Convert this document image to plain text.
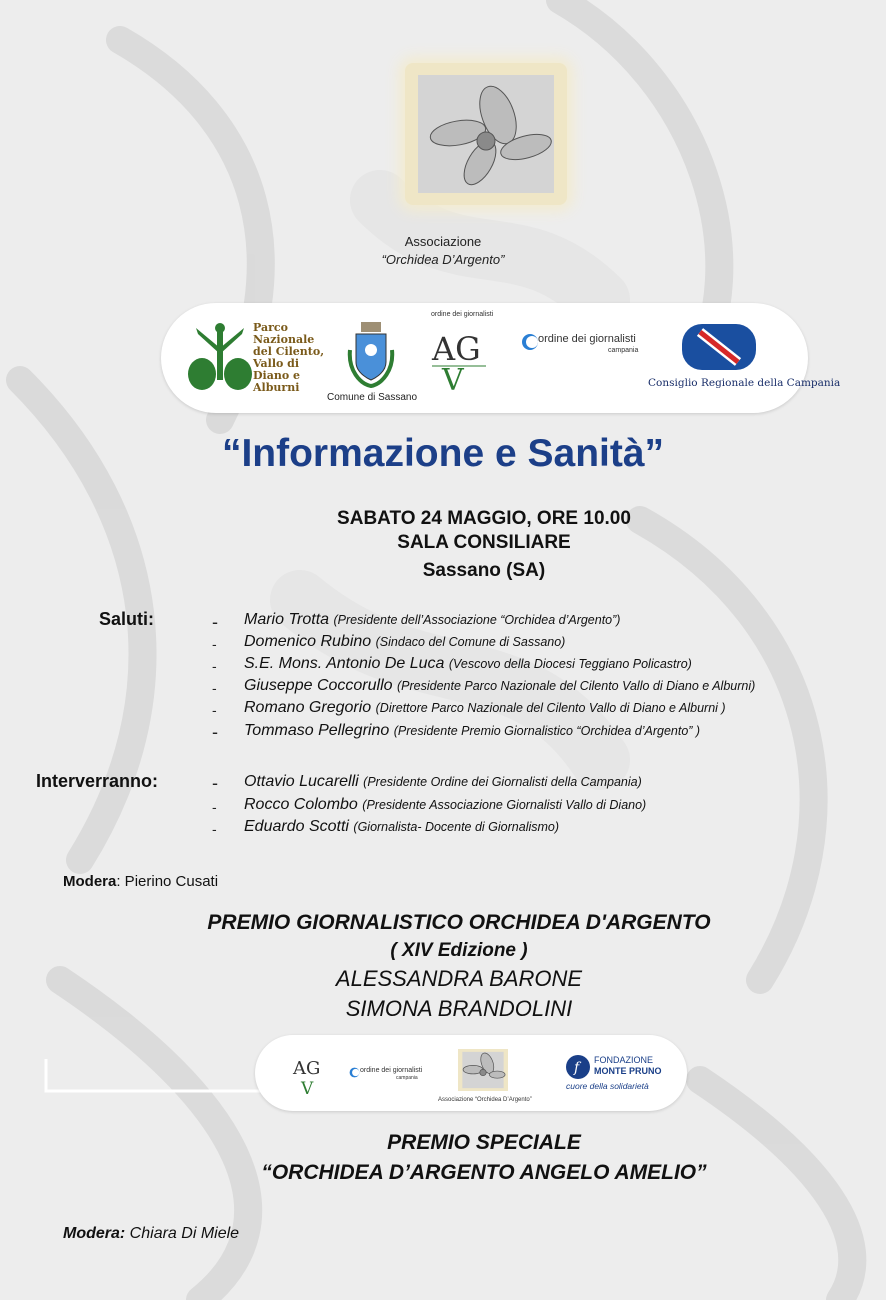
Associazione
“Orchidea D’Argento”
Parco Nazionale del Cilento, Vallo di Diano e Alburni
Comune di Sassano
ordine dei giornalisti
AG
V
ordine dei giornalisti
campania
Consiglio Regionale della Campania
“Informazione e Sanità”
SABATO 24 MAGGIO, ORE 10.00
SALA CONSILIARE
Sassano (SA)
Saluti:	- Mario Trotta (Presidente dell’Associazione “Orchidea d’Argento”)
- Domenico Rubino (Sindaco del Comune di Sassano)
- S.E. Mons. Antonio De Luca (Vescovo della Diocesi Teggiano Policastro)
- Giuseppe Coccorullo (Presidente Parco Nazionale del Cilento Vallo di Diano e Alburni)
- Romano Gregorio (Direttore Parco Nazionale del Cilento Vallo di Diano e Alburni )
- Tommaso Pellegrino (Presidente Premio Giornalistico “Orchidea d’Argento” )
Interverranno:	- Ottavio Lucarelli (Presidente Ordine dei Giornalisti della Campania)
- Rocco Colombo (Presidente Associazione Giornalisti Vallo di Diano)
- Eduardo Scotti (Giornalista- Docente di Giornalismo)
Modera: Pierino Cusati
PREMIO GIORNALISTICO ORCHIDEA D'ARGENTO
( XIV Edizione )
ALESSANDRA BARONE
SIMONA BRANDOLINI
AG
V
ordine dei giornalisti
campania
Associazione “Orchidea D’Argento”
f	FONDAZIONE
MONTE PRUNO
cuore della solidarietà
PREMIO SPECIALE
“ORCHIDEA D’ARGENTO ANGELO AMELIO”
Modera: Chiara Di Miele
